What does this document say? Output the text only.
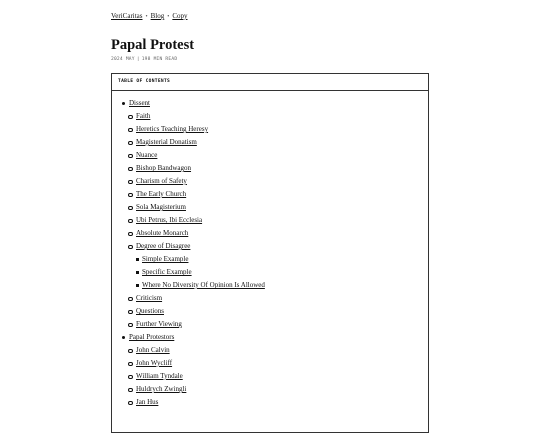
VeriCaritas • Blog • Copy
Papal Protest
2024 MAY | 198 MIN READ
TABLE OF CONTENTS
Dissent
Faith
Heretics Teaching Heresy
Magisterial Donatism
Nuance
Bishop Bandwagon
Charism of Safety
The Early Church
Sola Magisterium
Ubi Petrus, Ibi Ecclesia
Absolute Monarch
Degree of Disagree
Simple Example
Specific Example
Where No Diversity Of Opinion Is Allowed
Criticism
Questions
Further Viewing
Papal Protestors
John Calvin
John Wycliff
William Tyndale
Huldrych Zwingli
Jan Hus
